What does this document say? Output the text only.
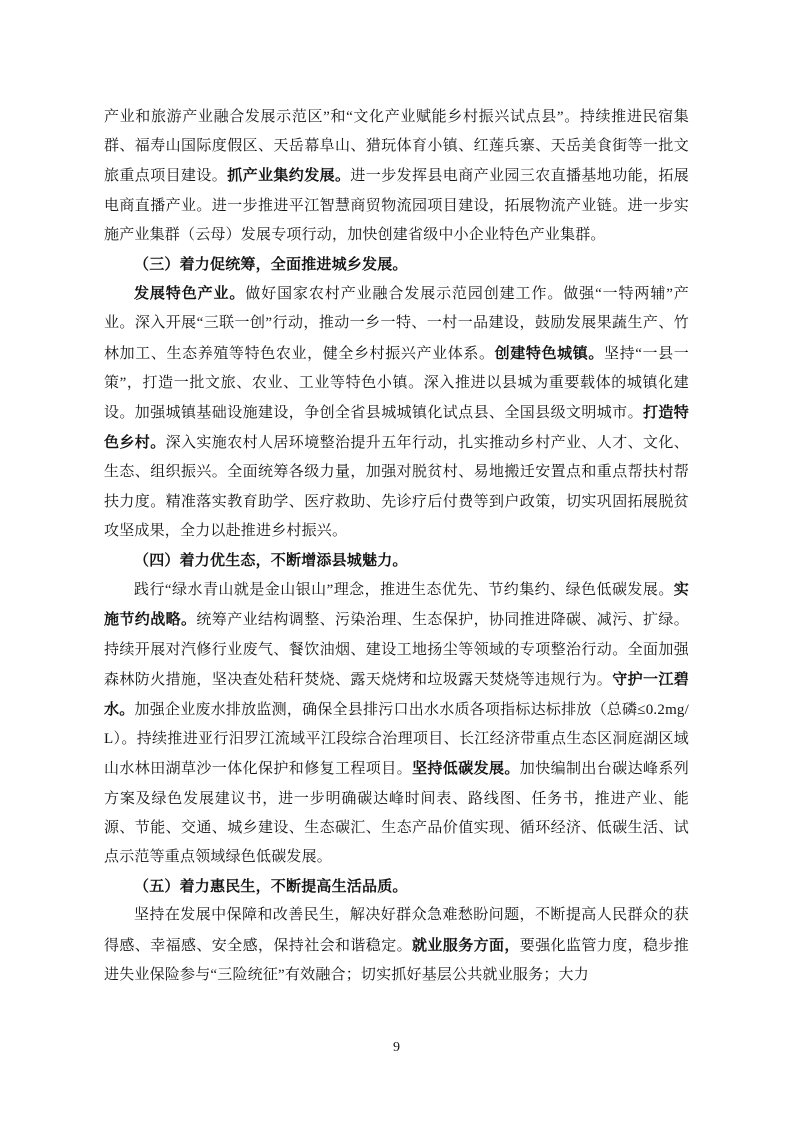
产业和旅游产业融合发展示范区”和“文化产业赋能乡村振兴试点县”。持续推进民宿集群、福寿山国际度假区、天岳幕阜山、猎玩体育小镇、红莲兵寨、天岳美食街等一批文旅重点项目建设。抓产业集约发展。进一步发挥县电商产业园三农直播基地功能，拓展电商直播产业。进一步推进平江智慧商贸物流园项目建设，拓展物流产业链。进一步实施产业集群（云母）发展专项行动，加快创建省级中小企业特色产业集群。

（三）着力促统筹，全面推进城乡发展。

发展特色产业。做好国家农村产业融合发展示范园创建工作。做强“一特两辅”产业。深入开展“三联一创”行动，推动一乡一特、一村一品建设，鼓励发展果蔬生产、竹林加工、生态养殖等特色农业，健全乡村振兴产业体系。创建特色城镇。坚持“一县一策”，打造一批文旅、农业、工业等特色小镇。深入推进以县城为重要载体的城镇化建设。加强城镇基础设施建设，争创全省县城城镇化试点县、全国县级文明城市。打造特色乡村。深入实施农村人居环境整治提升五年行动，扎实推动乡村产业、人才、文化、生态、组织振兴。全面统筹各级力量，加强对脱贫村、易地搬迁安置点和重点帮扶村帮扶力度。精准落实教育助学、医疗救助、先诊疗后付费等到户政策，切实巩固拓展脱贫攻坚成果，全力以赴推进乡村振兴。

（四）着力优生态，不断增添县城魅力。

践行“绿水青山就是金山银山”理念，推进生态优先、节约集约、绿色低碳发展。实施节约战略。统筹产业结构调整、污染治理、生态保护，协同推进降碳、减污、扩绿。持续开展对汽修行业废气、餐饮油烟、建设工地扬尘等领域的专项整治行动。全面加强森林防火措施，坚决查处秸秆焚烧、露天烧烤和垃圾露天焚烧等违规行为。守护一江碧水。加强企业废水排放监测，确保全县排污口出水水质各项指标达标排放（总磷≤0.2mg/L）。持续推进亚行汨罗江流域平江段综合治理项目、长江经济带重点生态区洞庭湖区域山水林田湖草沙一体化保护和修复工程项目。坚持低碳发展。加快编制出台碳达峰系列方案及绿色发展建议书，进一步明确碳达峰时间表、路线图、任务书，推进产业、能源、节能、交通、城乡建设、生态碳汇、生态产品价值实现、循环经济、低碳生活、试点示范等重点领域绿色低碳发展。

（五）着力惠民生，不断提高生活品质。

坚持在发展中保障和改善民生，解决好群众急难愁盼问题，不断提高人民群众的获得感、幸福感、安全感，保持社会和谐稳定。就业服务方面，要强化监管力度，稳步推进失业保险参与“三险统征”有效融合；切实抓好基层公共就业服务；大力

9
